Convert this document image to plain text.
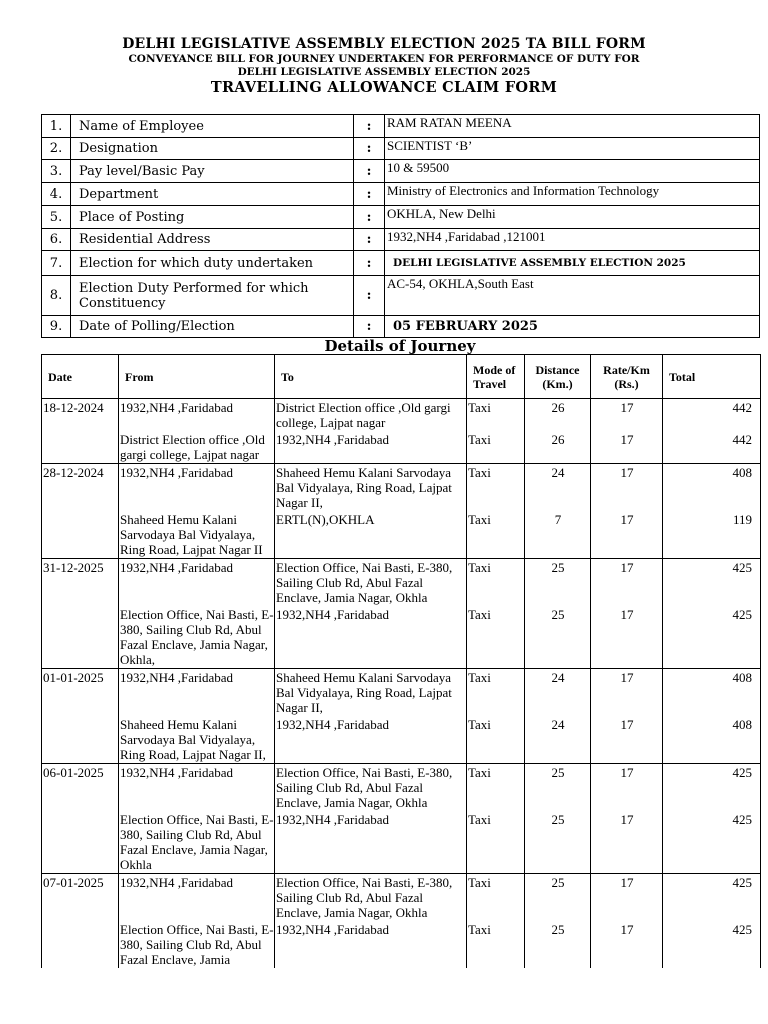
DELHI LEGISLATIVE ASSEMBLY ELECTION 2025 TA BILL FORM
CONVEYANCE BILL FOR JOURNEY UNDERTAKEN FOR PERFORMANCE OF DUTY FOR
DELHI LEGISLATIVE ASSEMBLY ELECTION 2025
TRAVELLING ALLOWANCE CLAIM FORM
1.	Name of Employee	:	RAM RATAN MEENA
2.	Designation	:	SCIENTIST ‘B’
3.	Pay level/Basic Pay	:	10 & 59500
4.	Department	:	Ministry of Electronics and Information Technology
5.	Place of Posting	:	OKHLA, New Delhi
6.	Residential Address	:	1932,NH4 ,Faridabad ,121001
7.	Election for which duty undertaken	:	DELHI LEGISLATIVE ASSEMBLY ELECTION 2025
8.	Election Duty Performed for which Constituency	:	AC-54, OKHLA,South East
9.	Date of Polling/Election	:	05 FEBRUARY 2025
Details of Journey
Date	From	To	Mode of Travel	Distance (Km.)	Rate/Km (Rs.)	Total
18-12-2024	1932,NH4 ,Faridabad	District Election office ,Old gargi college, Lajpat nagar	Taxi	26	17	442
	District Election office ,Old gargi college, Lajpat nagar	1932,NH4 ,Faridabad	Taxi	26	17	442
28-12-2024	1932,NH4 ,Faridabad	Shaheed Hemu Kalani Sarvodaya Bal Vidyalaya, Ring Road, Lajpat Nagar II,	Taxi	24	17	408
	Shaheed Hemu Kalani Sarvodaya Bal Vidyalaya, Ring Road, Lajpat Nagar II	ERTL(N),OKHLA	Taxi	7	17	119
31-12-2025	1932,NH4 ,Faridabad	Election Office, Nai Basti, E-380, Sailing Club Rd, Abul Fazal Enclave, Jamia Nagar, Okhla	Taxi	25	17	425
	Election Office, Nai Basti, E-380, Sailing Club Rd, Abul Fazal Enclave, Jamia Nagar, Okhla,	1932,NH4 ,Faridabad	Taxi	25	17	425
01-01-2025	1932,NH4 ,Faridabad	Shaheed Hemu Kalani Sarvodaya Bal Vidyalaya, Ring Road, Lajpat Nagar II,	Taxi	24	17	408
	Shaheed Hemu Kalani Sarvodaya Bal Vidyalaya, Ring Road, Lajpat Nagar II,	1932,NH4 ,Faridabad	Taxi	24	17	408
06-01-2025	1932,NH4 ,Faridabad	Election Office, Nai Basti, E-380, Sailing Club Rd, Abul Fazal Enclave, Jamia Nagar, Okhla	Taxi	25	17	425
	Election Office, Nai Basti, E-380, Sailing Club Rd, Abul Fazal Enclave, Jamia Nagar, Okhla	1932,NH4 ,Faridabad	Taxi	25	17	425
07-01-2025	1932,NH4 ,Faridabad	Election Office, Nai Basti, E-380, Sailing Club Rd, Abul Fazal Enclave, Jamia Nagar, Okhla	Taxi	25	17	425
	Election Office, Nai Basti, E-380, Sailing Club Rd, Abul Fazal Enclave, Jamia	1932,NH4 ,Faridabad	Taxi	25	17	425
